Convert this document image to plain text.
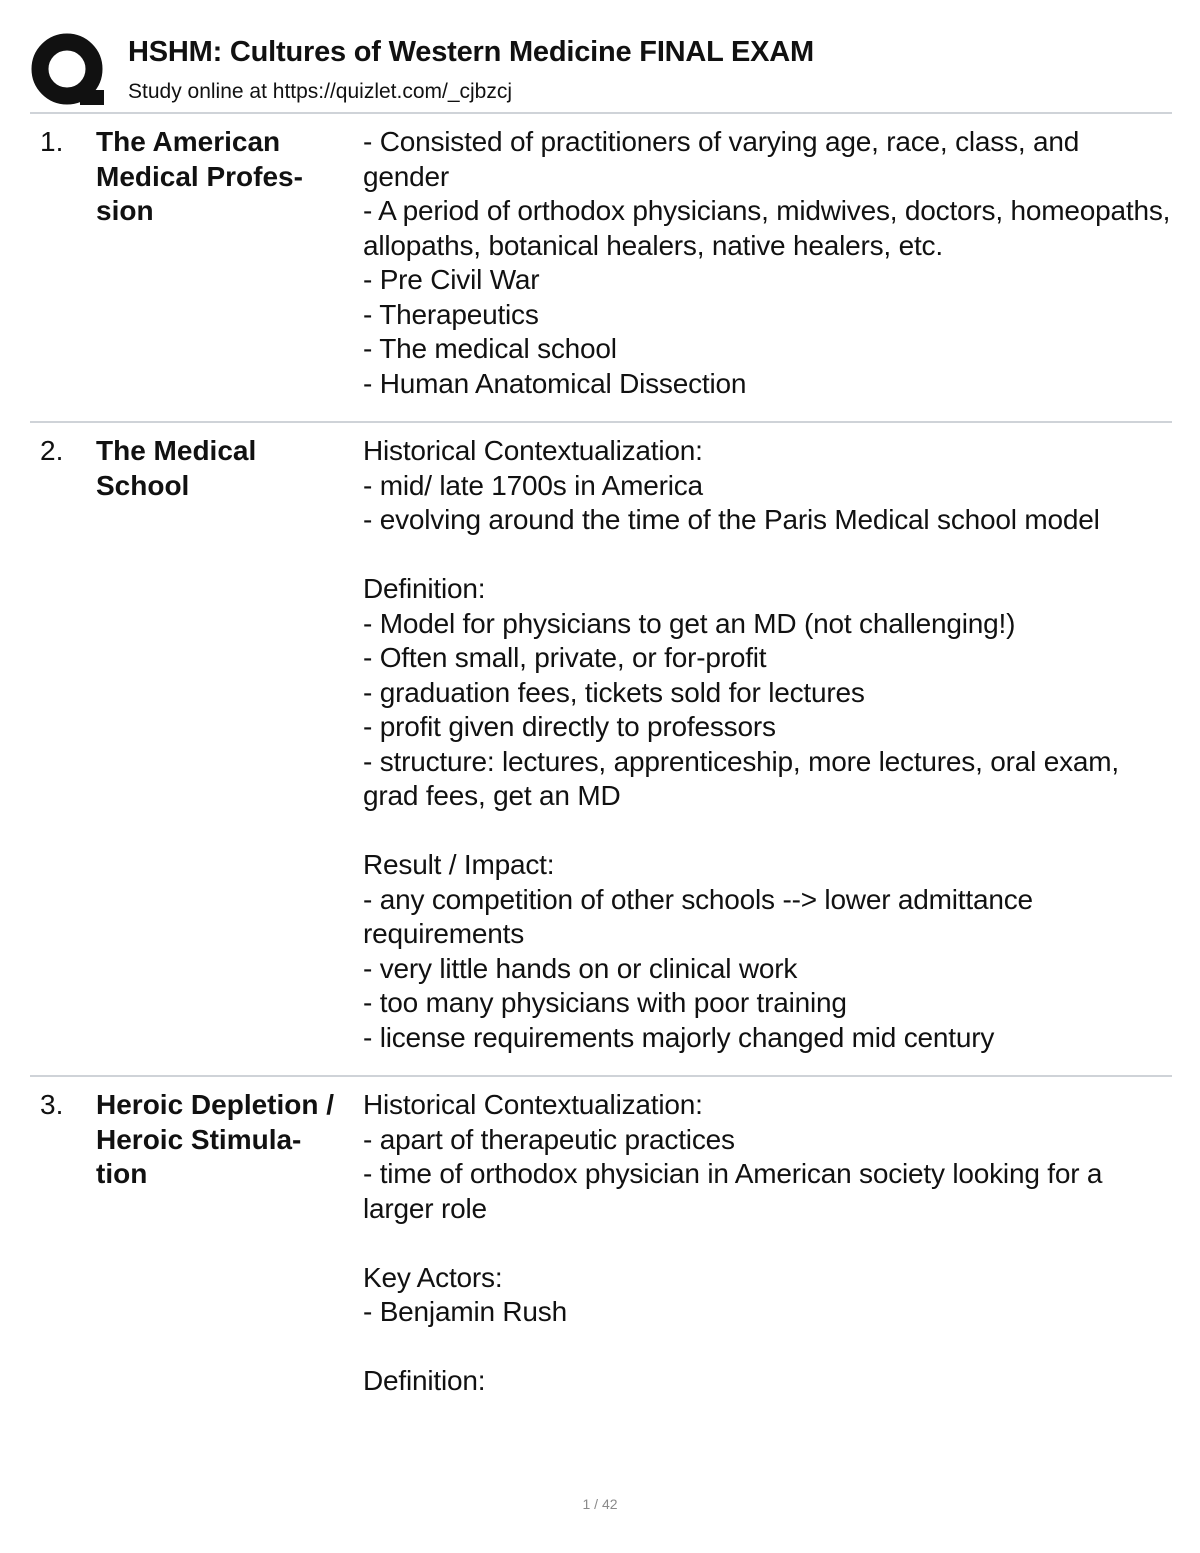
HSHM: Cultures of Western Medicine FINAL EXAM
Study online at https://quizlet.com/_cjbzcj
1.	The American Medical Profes- sion
- Consisted of practitioners of varying age, race, class, and gender
- A period of orthodox physicians, midwives, doctors, homeopaths, allopaths, botanical healers, native healers, etc.
- Pre Civil War
- Therapeutics
- The medical school
- Human Anatomical Dissection
2.	The Medical School
Historical Contextualization:
- mid/ late 1700s in America
- evolving around the time of the Paris Medical school model

Definition:
- Model for physicians to get an MD (not challenging!)
- Often small, private, or for-profit
- graduation fees, tickets sold for lectures
- profit given directly to professors
- structure: lectures, apprenticeship, more lectures, oral exam, grad fees, get an MD

Result / Impact:
- any competition of other schools --> lower admittance requirements
- very little hands on or clinical work
- too many physicians with poor training
- license requirements majorly changed mid century
3.	Heroic Depletion / Heroic Stimula- tion
Historical Contextualization:
- apart of therapeutic practices
- time of orthodox physician in American society looking for a larger role

Key Actors:
- Benjamin Rush

Definition:
1 / 42
